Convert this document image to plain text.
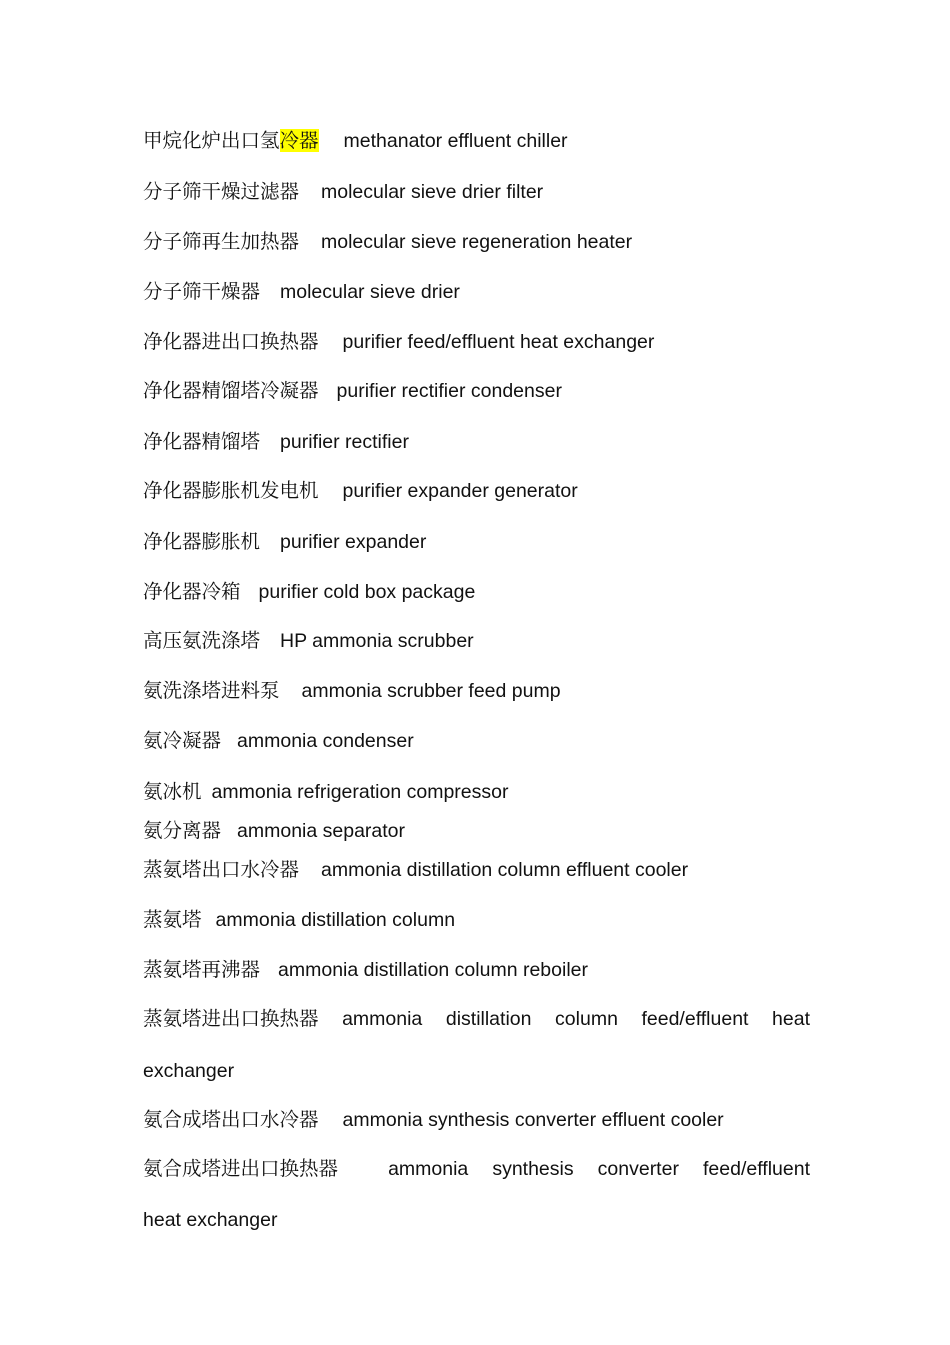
甲烷化炉出口氢冷器 methanator effluent chiller
分子筛干燥过滤器 molecular sieve drier filter
分子筛再生加热器 molecular sieve regeneration heater
分子筛干燥器 molecular sieve drier
净化器进出口换热器 purifier feed/effluent heat exchanger
净化器精馏塔冷凝器 purifier rectifier condenser
净化器精馏塔 purifier rectifier
净化器膨胀机发电机 purifier expander generator
净化器膨胀机 purifier expander
净化器冷箱 purifier cold box package
高压氨洗涤塔 HP ammonia scrubber
氨洗涤塔进料泵 ammonia scrubber feed pump
氨冷凝器 ammonia condenser
氨冰机 ammonia refrigeration compressor
氨分离器 ammonia separator
蒸氨塔出口水冷器 ammonia distillation column effluent cooler
蒸氨塔 ammonia distillation column
蒸氨塔再沸器 ammonia distillation column reboiler
蒸氨塔进出口换热器 ammonia distillation column feed/effluent heat
exchanger
氨合成塔出口水冷器 ammonia synthesis converter effluent cooler
氨合成塔进出口换热器	ammonia synthesis converter feed/effluent
heat exchanger
